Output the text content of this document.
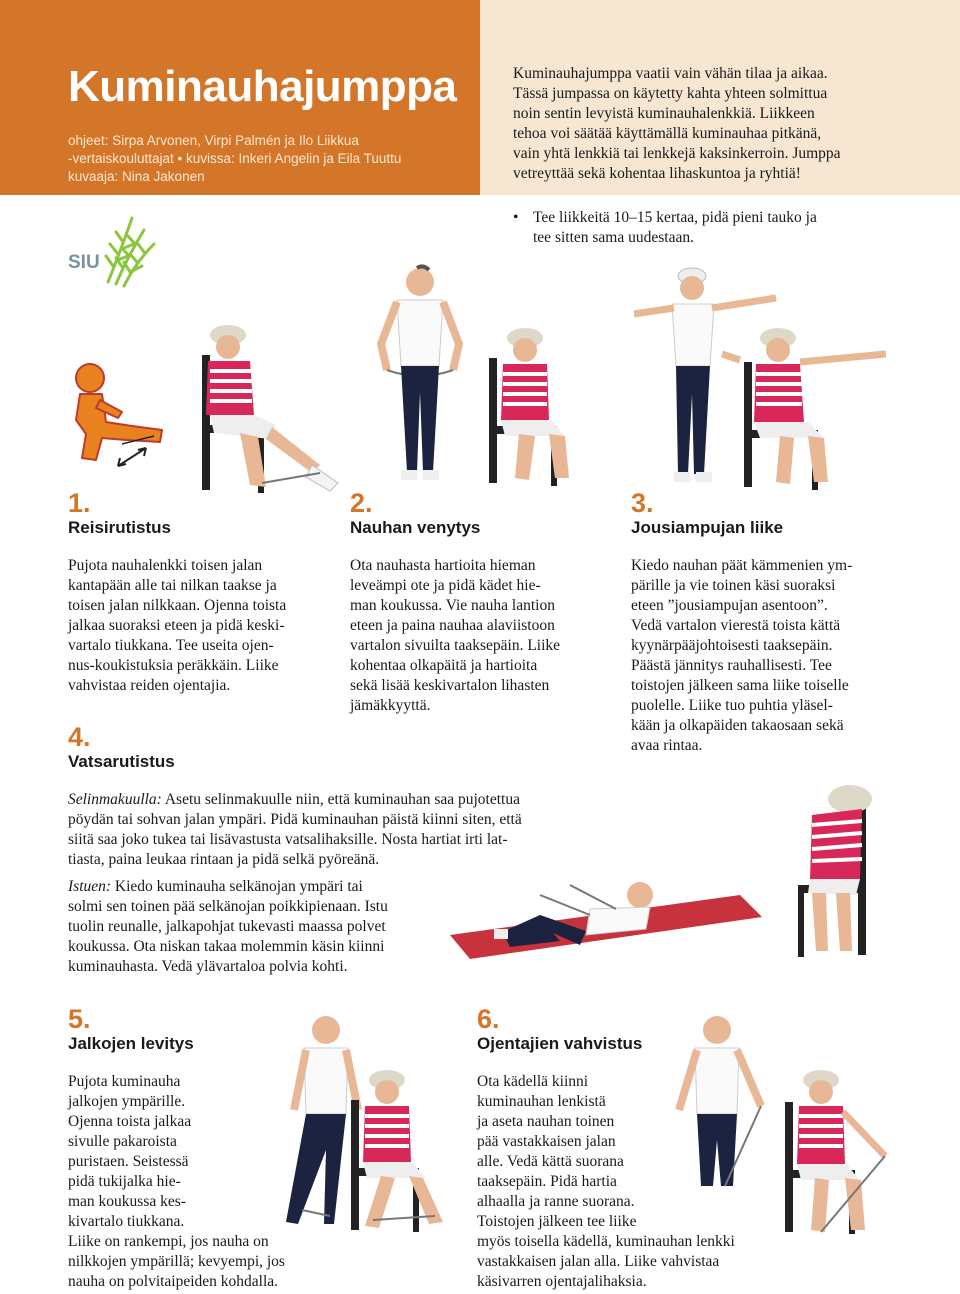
Kuminauhajumppa
ohjeet: Sirpa Arvonen, Virpi Palmén ja Ilo Liikkua
-vertaiskouluttajat • kuvissa: Inkeri Angelin ja Eila Tuuttu
kuvaaja: Nina Jakonen
Kuminauhajumppa vaatii vain vähän tilaa ja aikaa.
Tässä jumpassa on käytetty kahta yhteen solmittua
noin sentin levyistä kuminauhalenkkiä. Liikkeen
tehoa voi säätää käyttämällä kuminauhaa pitkänä,
vain yhtä lenkkiä tai lenkkejä kaksinkerroin. Jumppa
vetreyttää sekä kohentaa lihaskuntoa ja ryhtiä!
• Tee liikkeitä 10–15 kertaa, pidä pieni tauko ja
tee sitten sama uudestaan.
SIU
1.
Reisirutistus
Pujota nauhalenkki toisen jalan
kantapään alle tai nilkan taakse ja
toisen jalan nilkkaan. Ojenna toista
jalkaa suoraksi eteen ja pidä keski-
vartalo tiukkana. Tee useita ojen-
nus-koukistuksia peräkkäin. Liike
vahvistaa reiden ojentajia.
2.
Nauhan venytys
Ota nauhasta hartioita hieman
leveämpi ote ja pidä kädet hie-
man koukussa. Vie nauha lantion
eteen ja paina nauhaa alaviistoon
vartalon sivuilta taaksepäin. Liike
kohentaa olkapäitä ja hartioita
sekä lisää keskivartalon lihasten
jämäkkyyttä.
3.
Jousiampujan liike
Kiedo nauhan päät kämmenien ym-
pärille ja vie toinen käsi suoraksi
eteen ”jousiampujan asentoon”.
Vedä vartalon vierestä toista kättä
kyynärpääjohtoisesti taaksepäin.
Päästä jännitys rauhallisesti. Tee
toistojen jälkeen sama liike toiselle
puolelle. Liike tuo puhtia yläsel-
kään ja olkapäiden takaosaan sekä
avaa rintaa.
4.
Vatsarutistus
Selinmakuulla: Asetu selinmakuulle niin, että kuminauhan saa pujotettua
pöydän tai sohvan jalan ympäri. Pidä kuminauhan päistä kiinni siten, että
siitä saa joko tukea tai lisävastusta vatsalihaksille. Nosta hartiat irti lat-
tiasta, paina leukaa rintaan ja pidä selkä pyöreänä.
Istuen: Kiedo kuminauha selkänojan ympäri tai
solmi sen toinen pää selkänojan poikkipienaan. Istu
tuolin reunalle, jalkapohjat tukevasti maassa polvet
koukussa. Ota niskan takaa molemmin käsin kiinni
kuminauhasta. Vedä ylävartaloa polvia kohti.
5.
Jalkojen levitys
Pujota kuminauha
jalkojen ympärille.
Ojenna toista jalkaa
sivulle pakaroista
puristaen. Seistessä
pidä tukijalka hie-
man koukussa kes-
kivartalo tiukkana.
Liike on rankempi, jos nauha on
nilkkojen ympärillä; kevyempi, jos
nauha on polvitaipeiden kohdalla.
6.
Ojentajien vahvistus
Ota kädellä kiinni
kuminauhan lenkistä
ja aseta nauhan toinen
pää vastakkaisen jalan
alle. Vedä kättä suorana
taaksepäin. Pidä hartia
alhaalla ja ranne suorana.
Toistojen jälkeen tee liike
myös toisella kädellä, kuminauhan lenkki
vastakkaisen jalan alla. Liike vahvistaa
käsivarren ojentajalihaksia.
